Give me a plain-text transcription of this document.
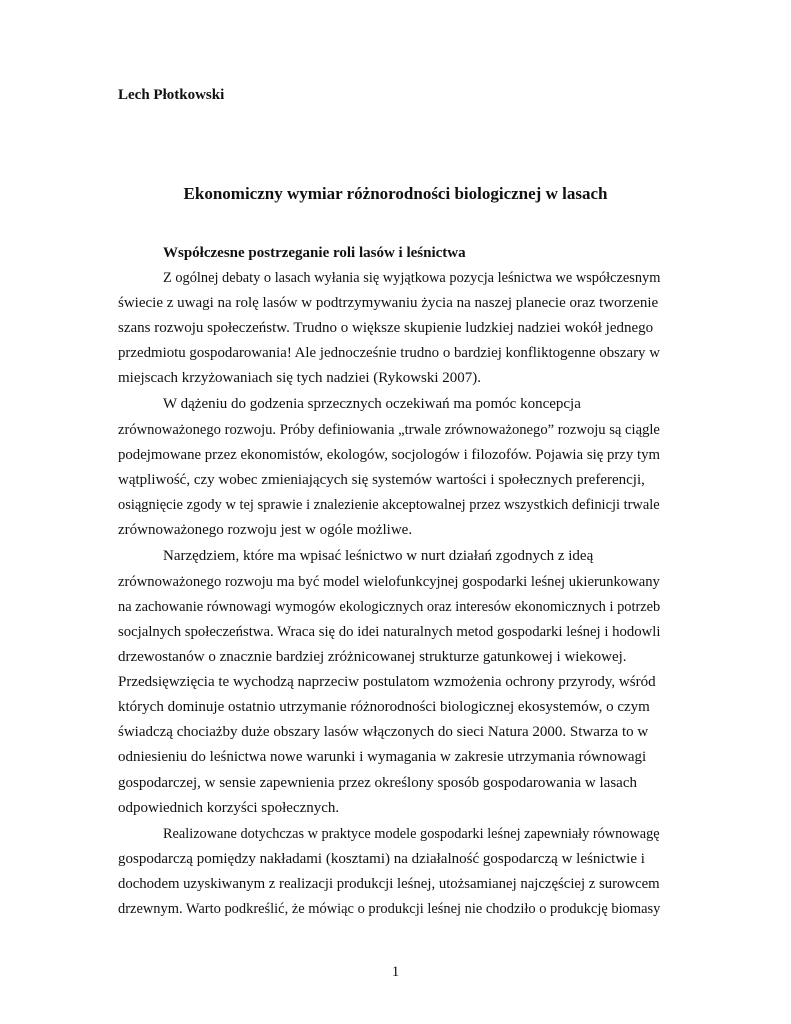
Lech Płotkowski
Ekonomiczny wymiar różnorodności biologicznej w lasach
Współczesne postrzeganie roli lasów i leśnictwa
Z ogólnej debaty o lasach wyłania się wyjątkowa pozycja leśnictwa we współczesnym
świecie z uwagi na rolę lasów w podtrzymywaniu życia na naszej planecie oraz tworzenie
szans rozwoju społeczeństw. Trudno o większe skupienie ludzkiej nadziei wokół jednego
przedmiotu gospodarowania! Ale jednocześnie trudno o bardziej konfliktogenne obszary w
miejscach krzyżowaniach się tych nadziei (Rykowski 2007).
W dążeniu do godzenia sprzecznych oczekiwań ma pomóc koncepcja
zrównoważonego rozwoju. Próby definiowania „trwale zrównoważonego” rozwoju są ciągle
podejmowane przez ekonomistów, ekologów, socjologów i filozofów. Pojawia się przy tym
wątpliwość, czy wobec zmieniających się systemów wartości i społecznych preferencji,
osiągnięcie zgody w tej sprawie i znalezienie akceptowalnej przez wszystkich definicji trwale
zrównoważonego rozwoju jest w ogóle możliwe.
Narzędziem, które ma wpisać leśnictwo w nurt działań zgodnych z ideą
zrównoważonego rozwoju ma być model wielofunkcyjnej gospodarki leśnej ukierunkowany
na zachowanie równowagi wymogów ekologicznych oraz interesów ekonomicznych i potrzeb
socjalnych społeczeństwa. Wraca się do idei naturalnych metod gospodarki leśnej i hodowli
drzewostanów o znacznie bardziej zróżnicowanej strukturze gatunkowej i wiekowej.
Przedsięwzięcia te wychodzą naprzeciw postulatom wzmożenia ochrony przyrody, wśród
których dominuje ostatnio utrzymanie różnorodności biologicznej ekosystemów, o czym
świadczą chociażby duże obszary lasów włączonych do sieci Natura 2000. Stwarza to w
odniesieniu do leśnictwa nowe warunki i wymagania w zakresie utrzymania równowagi
gospodarczej, w sensie zapewnienia przez określony sposób gospodarowania w lasach
odpowiednich korzyści społecznych.
Realizowane dotychczas w praktyce modele gospodarki leśnej zapewniały równowagę
gospodarczą pomiędzy nakładami (kosztami) na działalność gospodarczą w leśnictwie i
dochodem uzyskiwanym z realizacji produkcji leśnej, utożsamianej najczęściej z surowcem
drzewnym. Warto podkreślić, że mówiąc o produkcji leśnej nie chodziło o produkcję biomasy
1
